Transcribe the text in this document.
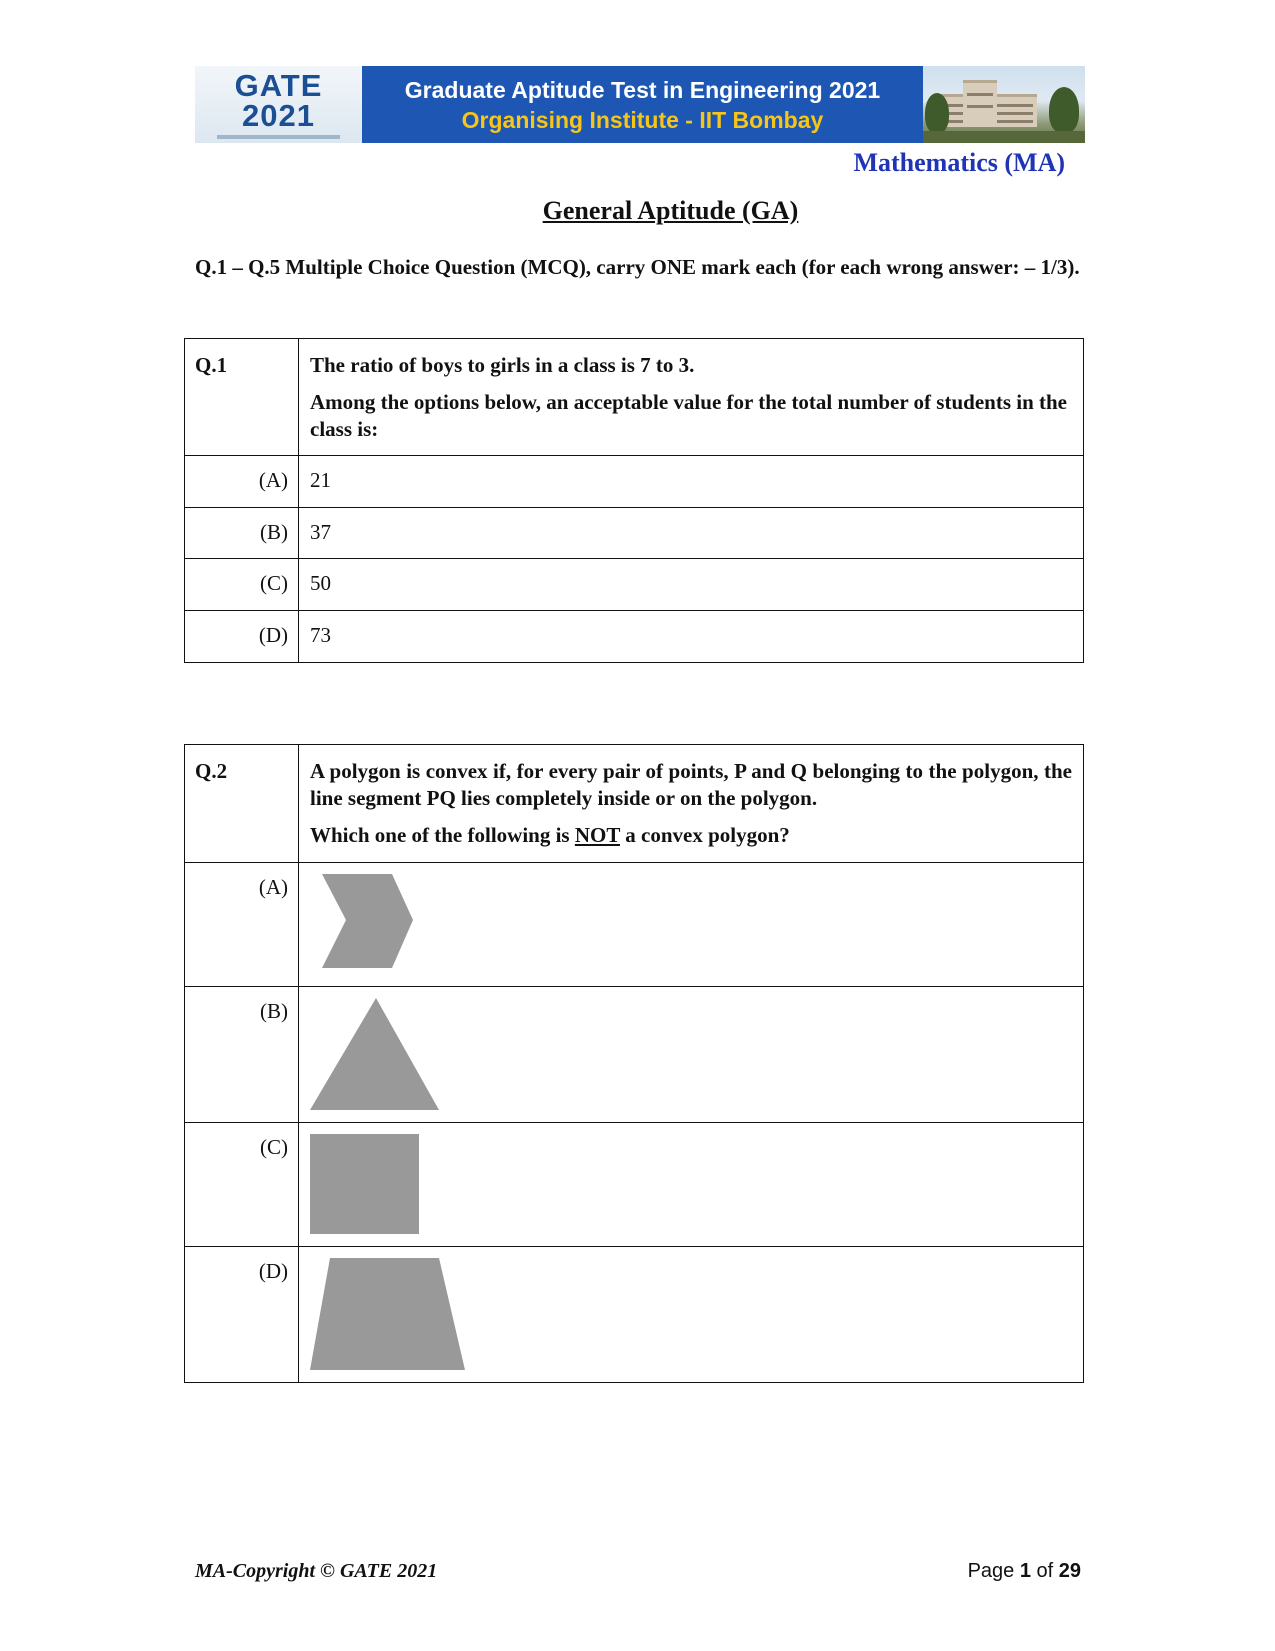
GATE
2021
Graduate Aptitude Test in Engineering 2021
Organising Institute - IIT Bombay
Mathematics (MA)
General Aptitude (GA)
Q.1 – Q.5 Multiple Choice Question (MCQ), carry ONE mark each (for each wrong answer: – 1/3).
Q.1	The ratio of boys to girls in a class is 7 to 3.

Among the options below, an acceptable value for the total number of students in the class is:

(A)	21
(B)	37
(C)	50
(D)	73
Q.2	A polygon is convex if, for every pair of points, P and Q belonging to the polygon, the line segment PQ lies completely inside or on the polygon.

Which one of the following is NOT a convex polygon?

(A)	

(B)	

(C)	

(D)	
MA-Copyright © GATE 2021	Page 1 of 29
